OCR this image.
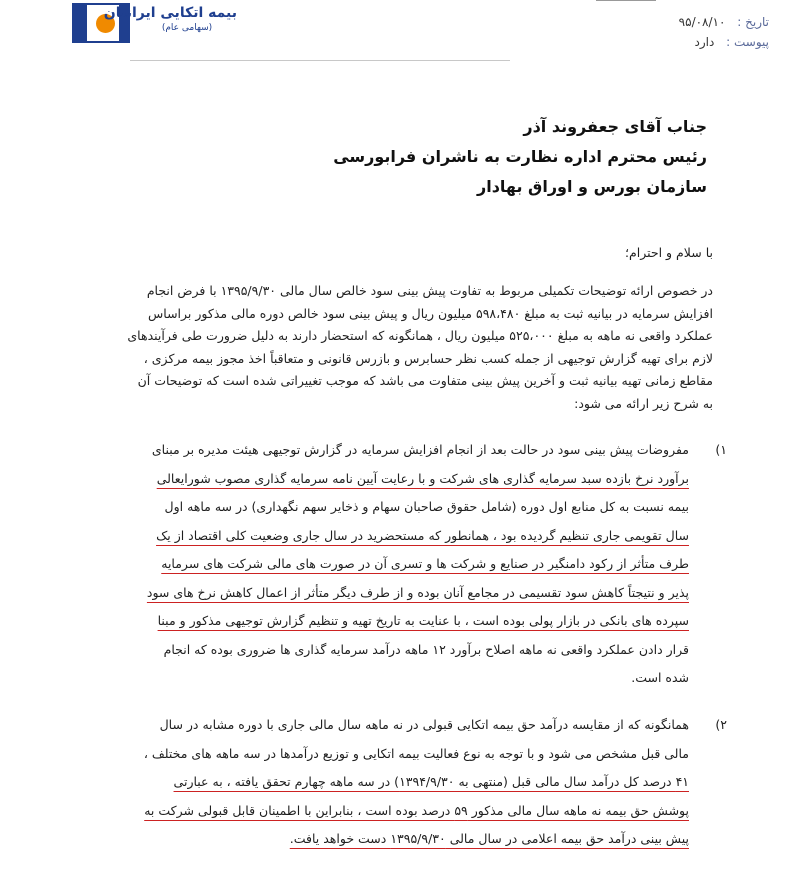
بیمه اتکایی ایرانیان
(سهامی عام)	تاریخ : ۹۵/۰۸/۱۰
پیوست : دارد
جناب آقای جعفروند آذر
رئیس محترم اداره نظارت به ناشران فرابورسی
سازمان بورس و اوراق بهادار
با سلام و احترام؛
در خصوص ارائه توضیحات تکمیلی مربوط به تفاوت پیش بینی سود خالص سال مالی ۱۳۹۵/۹/۳۰ با فرض انجام
افزایش سرمایه در بیانیه ثبت به مبلغ ۵۹۸،۴۸۰ میلیون ریال و پیش بینی سود خالص دوره مالی مذکور براساس
عملکرد واقعی نه ماهه به مبلغ ۵۲۵،۰۰۰ میلیون ریال ، همانگونه که استحضار دارند به دلیل ضرورت طی فرآیندهای
لازم برای تهیه گزارش توجیهی از جمله کسب نظر حسابرس و بازرس قانونی و متعاقباً اخذ مجوز بیمه مرکزی ،
مقاطع زمانی تهیه بیانیه ثبت و آخرین پیش بینی متفاوت می باشد که موجب تغییراتی شده است که توضیحات آن
به شرح زیر ارائه می شود:
۱)
مفروضات پیش بینی سود در حالت بعد از انجام افزایش سرمایه در گزارش توجیهی هیئت مدیره بر مبنای
برآورد نرخ بازده سبد سرمایه گذاری های شرکت و با رعایت آیین نامه سرمایه گذاری مصوب شورایعالی
بیمه نسبت به کل منابع اول دوره (شامل حقوق صاحبان سهام و ذخایر سهم نگهداری) در سه ماهه اول
سال تقویمی جاری تنظیم گردیده بود ، همانطور که مستحضرید در سال جاری وضعیت کلی اقتصاد از یک
طرف متأثر از رکود دامنگیر در صنایع و شرکت ها و تسری آن در صورت های مالی شرکت های سرمایه
پذیر و نتیجتاً کاهش سود تقسیمی در مجامع آنان بوده و از طرف دیگر متأثر از اعمال کاهش نرخ های سود
سپرده های بانکی در بازار پولی بوده است ، با عنایت به تاریخ تهیه و تنظیم گزارش توجیهی مذکور و مبنا
قرار دادن عملکرد واقعی نه ماهه اصلاح برآورد ۱۲ ماهه درآمد سرمایه گذاری ها ضروری بوده که انجام
شده است.
۲)
همانگونه که از مقایسه درآمد حق بیمه اتکایی قبولی در نه ماهه سال مالی جاری با دوره مشابه در سال
مالی قبل مشخص می شود و با توجه به نوع فعالیت بیمه اتکایی و توزیع درآمدها در سه ماهه های مختلف ،
۴۱ درصد کل درآمد سال مالی قبل (منتهی به ۱۳۹۴/۹/۳۰) در سه ماهه چهارم تحقق یافته ، به عبارتی
پوشش حق بیمه نه ماهه سال مالی مذکور ۵۹ درصد بوده است ، بنابراین با اطمینان قابل قبولی شرکت به
پیش بینی درآمد حق بیمه اعلامی در سال مالی ۱۳۹۵/۹/۳۰ دست خواهد یافت.
